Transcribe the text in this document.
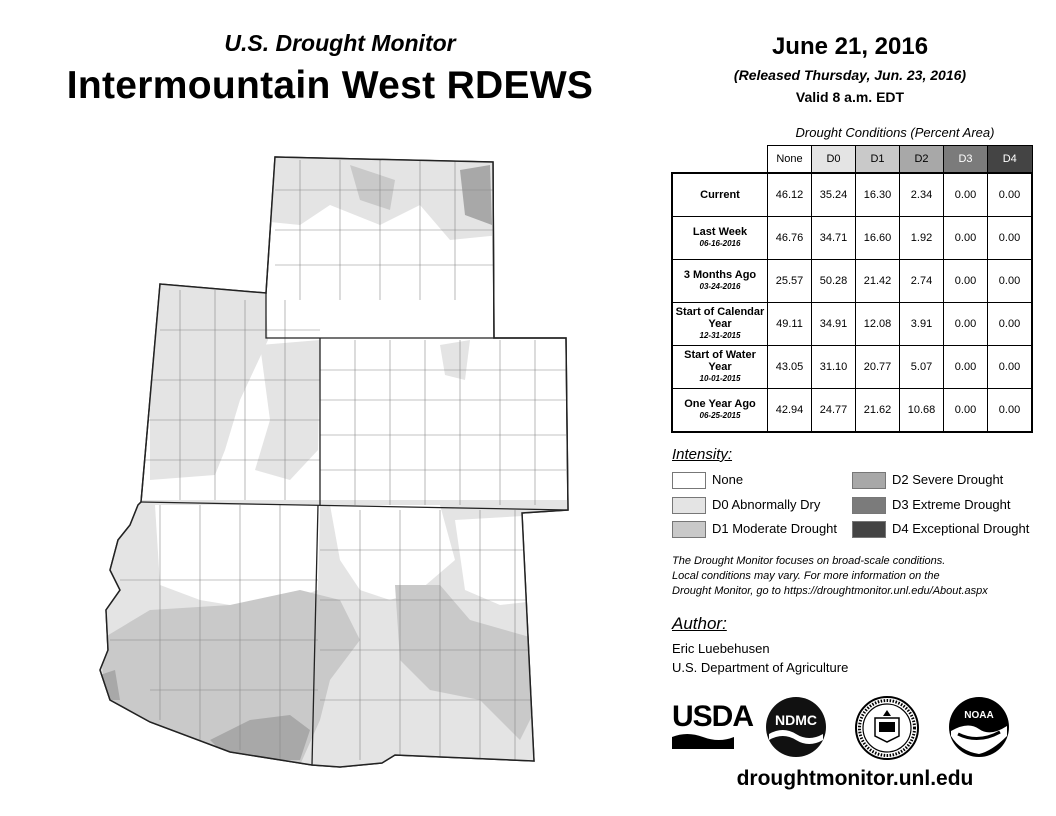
U.S. Drought Monitor
Intermountain West RDEWS
June 21, 2016
(Released Thursday, Jun. 23, 2016)
Valid 8 a.m. EDT
Drought Conditions (Percent Area)
	None	D0	D1	D2	D3	D4
Current	46.12	35.24	16.30	2.34	0.00	0.00
Last Week
06-16-2016	46.76	34.71	16.60	1.92	0.00	0.00
3 Months Ago
03-24-2016	25.57	50.28	21.42	2.74	0.00	0.00
Start of Calendar Year
12-31-2015	49.11	34.91	12.08	3.91	0.00	0.00
Start of Water Year
10-01-2015	43.05	31.10	20.77	5.07	0.00	0.00
One Year Ago
06-25-2015	42.94	24.77	21.62	10.68	0.00	0.00
Intensity:
None
D0 Abnormally Dry
D1 Moderate Drought
D2 Severe Drought
D3 Extreme Drought
D4 Exceptional Drought
The Drought Monitor focuses on broad-scale conditions.
Local conditions may vary. For more information on the
Drought Monitor, go to https://droughtmonitor.unl.edu/About.aspx
Author:
Eric Luebehusen
U.S. Department of Agriculture
USDA NDMC	NOAA
droughtmonitor.unl.edu
